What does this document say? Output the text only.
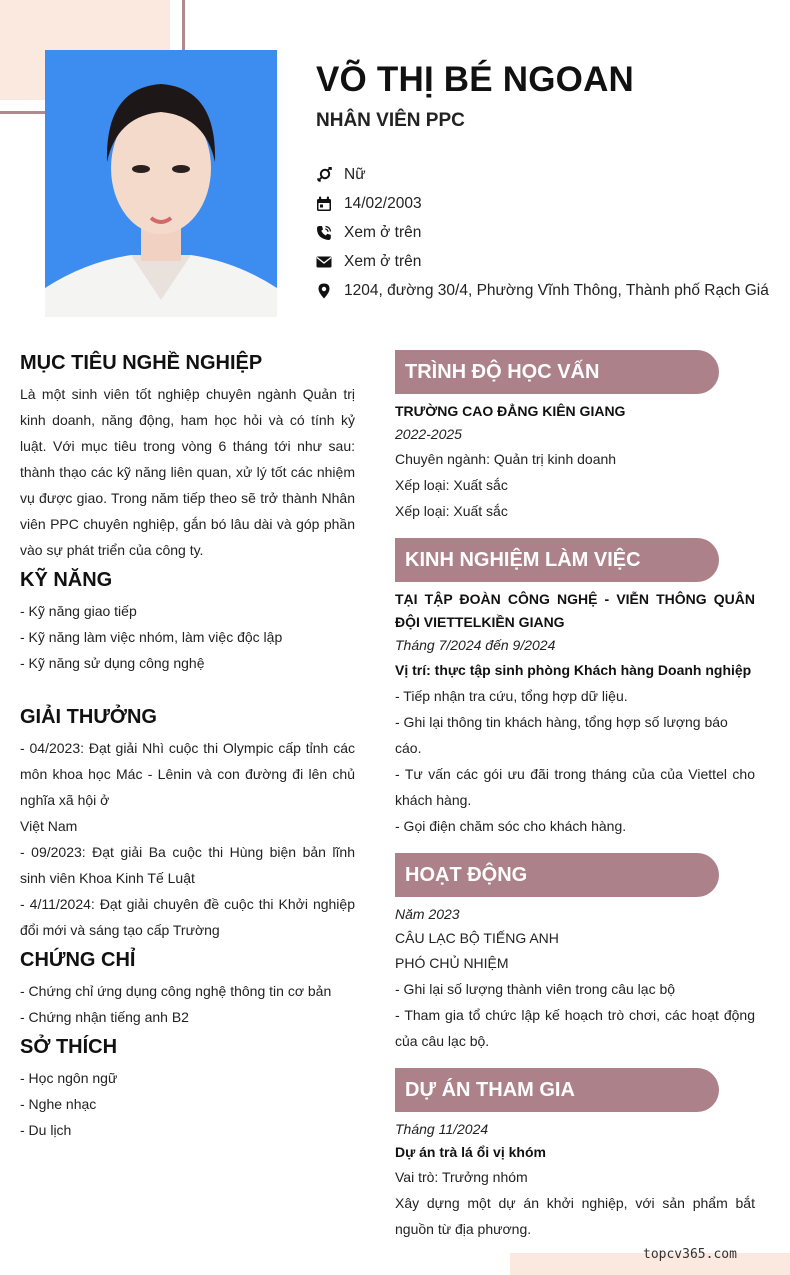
topcv365.com
VÕ THỊ BÉ NGOAN
NHÂN VIÊN PPC
Nữ
14/02/2003
Xem ở trên
Xem ở trên
1204, đường 30/4, Phường Vĩnh Thông, Thành phố Rạch Giá
MỤC TIÊU NGHỀ NGHIỆP
Là một sinh viên tốt nghiệp chuyên ngành Quản trị kinh doanh, năng động, ham học hỏi và có tính kỷ luật. Với mục tiêu trong vòng 6 tháng tới như sau: thành thạo các kỹ năng liên quan, xử lý tốt các nhiệm vụ được giao. Trong năm tiếp theo sẽ trở thành Nhân viên PPC chuyên nghiệp, gắn bó lâu dài và góp phần vào sự phát triển của công ty.
KỸ NĂNG
- Kỹ năng giao tiếp
- Kỹ năng làm việc nhóm, làm việc độc lập
- Kỹ năng sử dụng công nghệ
GIẢI THƯỞNG
- 04/2023: Đạt giải Nhì cuộc thi Olympic cấp tỉnh các môn khoa học Mác - Lênin và con đường đi lên chủ nghĩa xã hội ở
Việt Nam
- 09/2023: Đạt giải Ba cuộc thi Hùng biện bản lĩnh sinh viên Khoa Kinh Tế Luật
- 4/11/2024: Đạt giải chuyên đề cuộc thi Khởi nghiệp đổi mới và sáng tạo cấp Trường
CHỨNG CHỈ
- Chứng chỉ ứng dụng công nghệ thông tin cơ bản
- Chứng nhận tiếng anh B2
SỞ THÍCH
- Học ngôn ngữ
- Nghe nhạc
- Du lịch
TRÌNH ĐỘ HỌC VẤN
TRƯỜNG CAO ĐẲNG KIÊN GIANG
2022-2025
Chuyên ngành: Quản trị kinh doanh
Xếp loại: Xuất sắc
Xếp loại: Xuất sắc
KINH NGHIỆM LÀM VIỆC
TẠI TẬP ĐOÀN CÔNG NGHỆ - VIỄN THÔNG QUÂN ĐỘI VIETTELKIỀN GIANG
Tháng 7/2024 đến 9/2024
Vị trí: thực tập sinh phòng Khách hàng Doanh nghiệp
- Tiếp nhận tra cứu, tổng hợp dữ liệu.
- Ghi lại thông tin khách hàng, tổng hợp số lượng báo cáo.
- Tư vấn các gói ưu đãi trong tháng của của Viettel cho khách hàng.
- Gọi điện chăm sóc cho khách hàng.
HOẠT ĐỘNG
Năm 2023
CÂU LẠC BỘ TIẾNG ANH
PHÓ CHỦ NHIỆM
- Ghi lại số lượng thành viên trong câu lạc bộ
- Tham gia tổ chức lập kế hoạch trò chơi, các hoạt động của câu lạc bộ.
DỰ ÁN THAM GIA
Tháng 11/2024
Dự án trà lá ổi vị khóm
Vai trò: Trưởng nhóm
Xây dựng một dự án khởi nghiệp, với sản phẩm bắt nguồn từ địa phương.
